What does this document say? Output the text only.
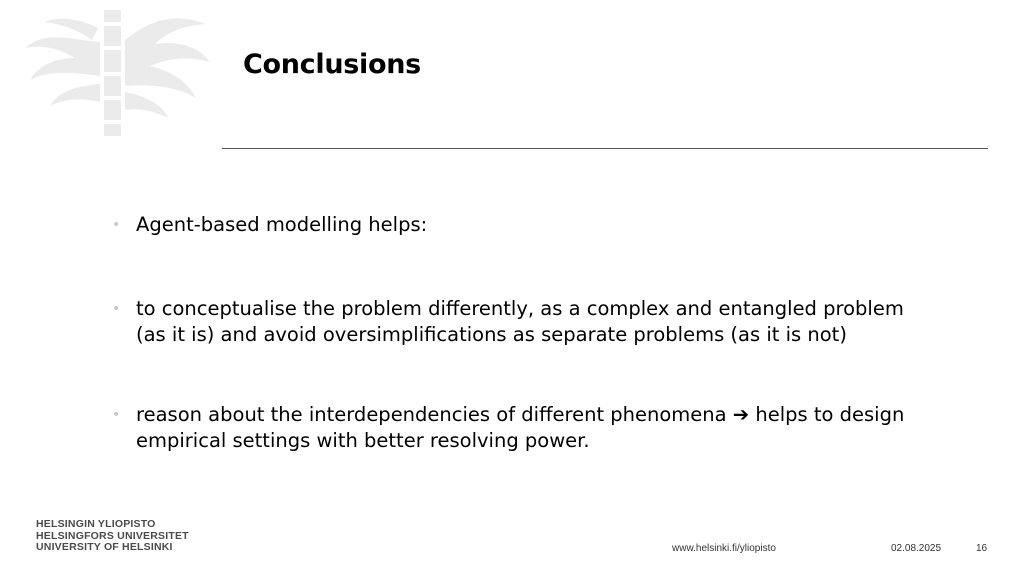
Conclusions
• Agent-based modelling helps:
• to conceptualise the problem differently, as a complex and entangled problem (as it is) and avoid oversimplifications as separate problems (as it is not)
• reason about the interdependencies of different phenomena ➔ helps to design empirical settings with better resolving power.
HELSINGIN YLIOPISTO
HELSINGFORS UNIVERSITET
UNIVERSITY OF HELSINKI	www.helsinki.fi/yliopisto	02.08.2025	16
